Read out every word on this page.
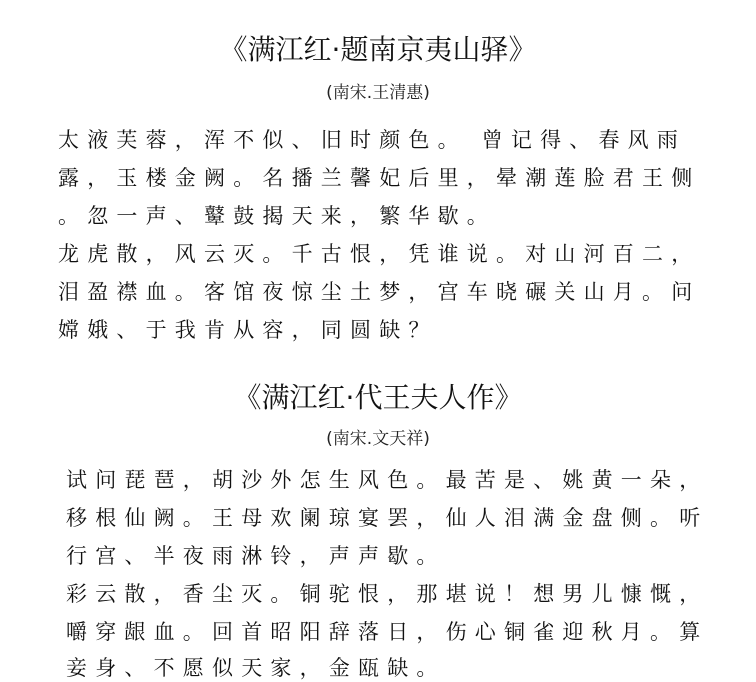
《满江红·题南京夷山驿》
(南宋.王清惠)
太液芙蓉，浑不似、旧时颜色。 曾记得、春风雨
露，玉楼金阙。名播兰馨妃后里，晕潮莲脸君王侧
。忽一声、鼙鼓揭天来，繁华歇。
龙虎散，风云灭。千古恨，凭谁说。对山河百二，
泪盈襟血。客馆夜惊尘土梦，宫车晓碾关山月。问
嫦娥、于我肯从容，同圆缺？
《满江红·代王夫人作》
(南宋.文天祥)
试问琵琶，胡沙外怎生风色。最苦是、姚黄一朵，
移根仙阙。王母欢阑琼宴罢，仙人泪满金盘侧。听
行宫、半夜雨淋铃，声声歇。
彩云散，香尘灭。铜驼恨，那堪说！想男儿慷慨，
嚼穿龈血。回首昭阳辞落日，伤心铜雀迎秋月。算
妾身、不愿似天家，金瓯缺。
